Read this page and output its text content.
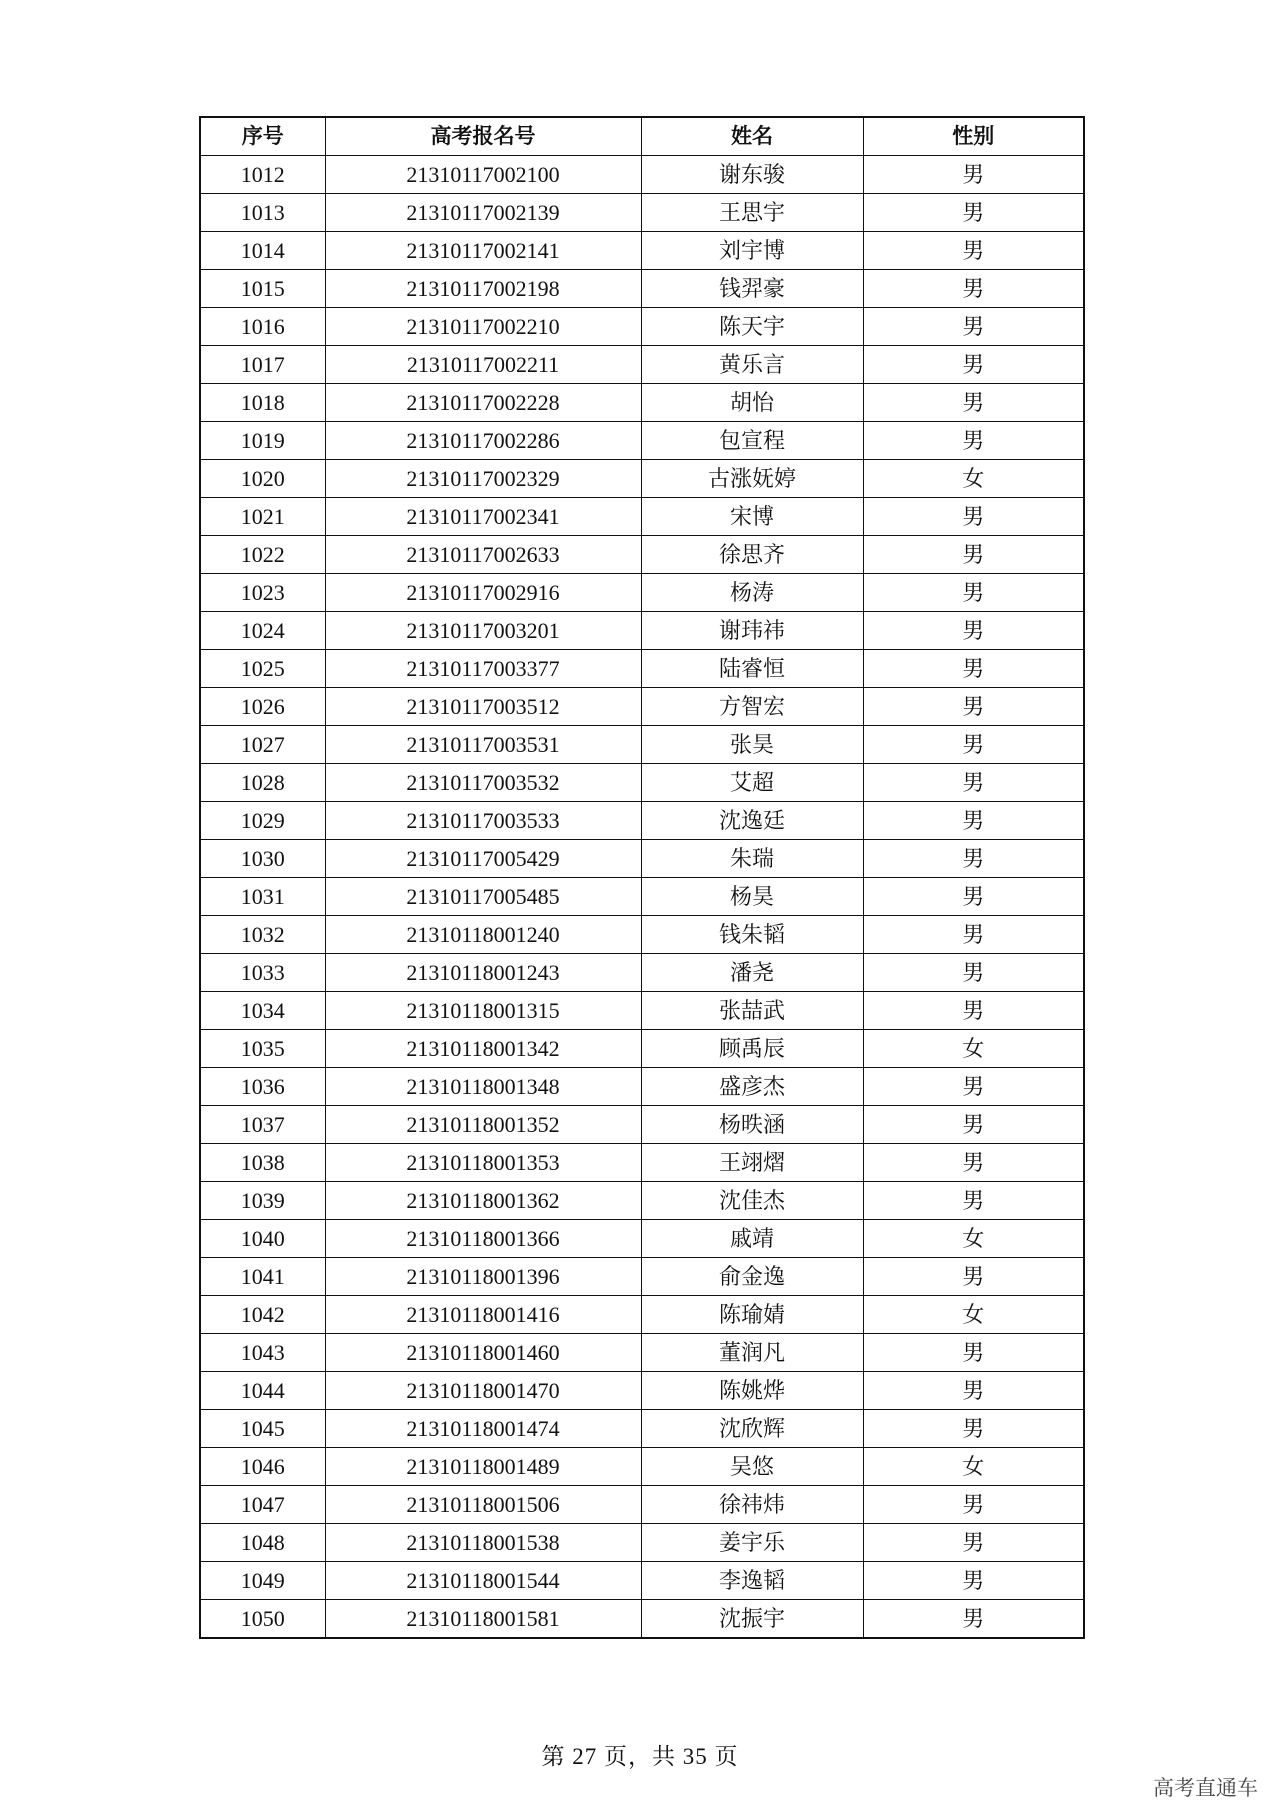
序号	高考报名号	姓名	性别
1012	21310117002100	谢东骏	男
1013	21310117002139	王思宇	男
1014	21310117002141	刘宇博	男
1015	21310117002198	钱羿豪	男
1016	21310117002210	陈天宇	男
1017	21310117002211	黄乐言	男
1018	21310117002228	胡怡	男
1019	21310117002286	包宣程	男
1020	21310117002329	古涨妩婷	女
1021	21310117002341	宋博	男
1022	21310117002633	徐思齐	男
1023	21310117002916	杨涛	男
1024	21310117003201	谢玮祎	男
1025	21310117003377	陆睿恒	男
1026	21310117003512	方智宏	男
1027	21310117003531	张昊	男
1028	21310117003532	艾超	男
1029	21310117003533	沈逸廷	男
1030	21310117005429	朱瑞	男
1031	21310117005485	杨昊	男
1032	21310118001240	钱朱韬	男
1033	21310118001243	潘尧	男
1034	21310118001315	张喆武	男
1035	21310118001342	顾禹辰	女
1036	21310118001348	盛彦杰	男
1037	21310118001352	杨昳涵	男
1038	21310118001353	王翊熠	男
1039	21310118001362	沈佳杰	男
1040	21310118001366	戚靖	女
1041	21310118001396	俞金逸	男
1042	21310118001416	陈瑜婧	女
1043	21310118001460	董润凡	男
1044	21310118001470	陈姚烨	男
1045	21310118001474	沈欣辉	男
1046	21310118001489	吴悠	女
1047	21310118001506	徐祎炜	男
1048	21310118001538	姜宇乐	男
1049	21310118001544	李逸韬	男
1050	21310118001581	沈振宇	男
第 27 页，共 35 页
高考直通车
